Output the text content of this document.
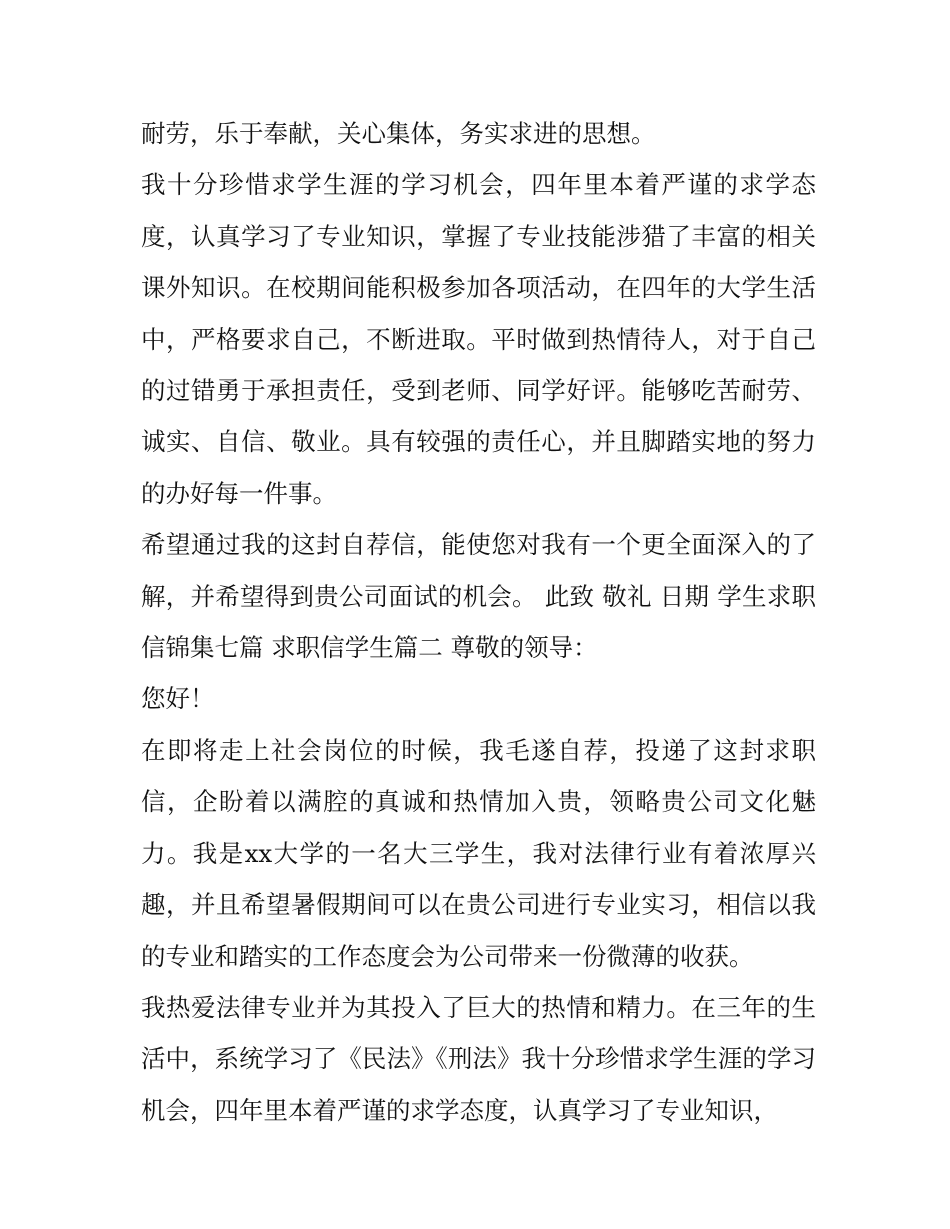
耐劳，乐于奉献，关心集体，务实求进的思想。

我十分珍惜求学生涯的学习机会，四年里本着严谨的求学态度，认真学习了专业知识，掌握了专业技能涉猎了丰富的相关课外知识。在校期间能积极参加各项活动，在四年的大学生活中，严格要求自己，不断进取。平时做到热情待人，对于自己的过错勇于承担责任，受到老师、同学好评。能够吃苦耐劳、诚实、自信、敬业。具有较强的责任心，并且脚踏实地的努力的办好每一件事。

希望通过我的这封自荐信，能使您对我有一个更全面深入的了解，并希望得到贵公司面试的机会。 此致 敬礼 日期 学生求职信锦集七篇 求职信学生篇二 尊敬的领导：

您好！

在即将走上社会岗位的时候，我毛遂自荐，投递了这封求职信，企盼着以满腔的真诚和热情加入贵，领略贵公司文化魅力。我是xx大学的一名大三学生，我对法律行业有着浓厚兴趣，并且希望暑假期间可以在贵公司进行专业实习，相信以我的专业和踏实的工作态度会为公司带来一份微薄的收获。

我热爱法律专业并为其投入了巨大的热情和精力。在三年的生活中，系统学习了《民法》《刑法》我十分珍惜求学生涯的学习机会，四年里本着严谨的求学态度，认真学习了专业知识，
